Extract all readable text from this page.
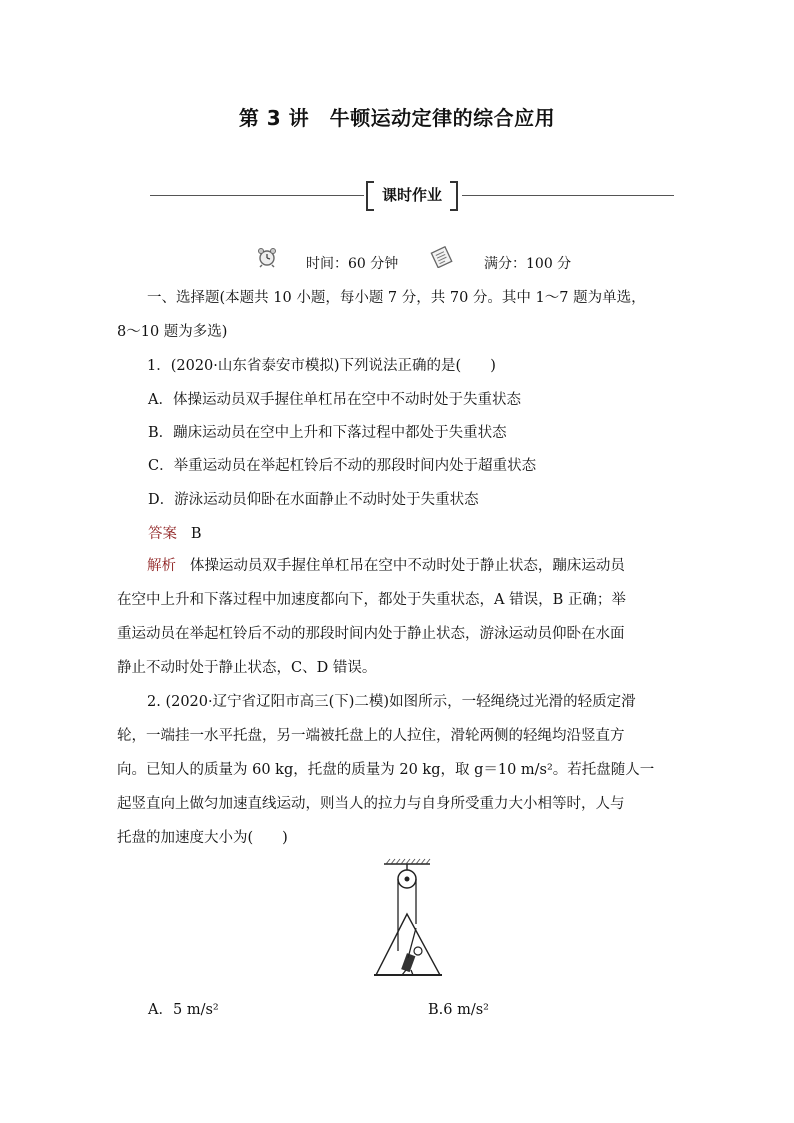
第 3 讲　牛顿运动定律的综合应用
课时作业
时间：60 分钟	满分：100 分
一、选择题(本题共 10 小题，每小题 7 分，共 70 分。其中 1～7 题为单选，
8～10 题为多选)
1．(2020·山东省泰安市模拟)下列说法正确的是(　　)
A．体操运动员双手握住单杠吊在空中不动时处于失重状态
B．蹦床运动员在空中上升和下落过程中都处于失重状态
C．举重运动员在举起杠铃后不动的那段时间内处于超重状态
D．游泳运动员仰卧在水面静止不动时处于失重状态
答案 B
解析 体操运动员双手握住单杠吊在空中不动时处于静止状态，蹦床运动员
在空中上升和下落过程中加速度都向下，都处于失重状态，A 错误，B 正确；举
重运动员在举起杠铃后不动的那段时间内处于静止状态，游泳运动员仰卧在水面
静止不动时处于静止状态，C、D 错误。
2. (2020·辽宁省辽阳市高三(下)二模)如图所示，一轻绳绕过光滑的轻质定滑
轮，一端挂一水平托盘，另一端被托盘上的人拉住，滑轮两侧的轻绳均沿竖直方
向。已知人的质量为 60 kg，托盘的质量为 20 kg，取 g＝10 m/s²。若托盘随人一
起竖直向上做匀加速直线运动，则当人的拉力与自身所受重力大小相等时，人与
托盘的加速度大小为(　　)
A．5 m/s²	B.6 m/s²
